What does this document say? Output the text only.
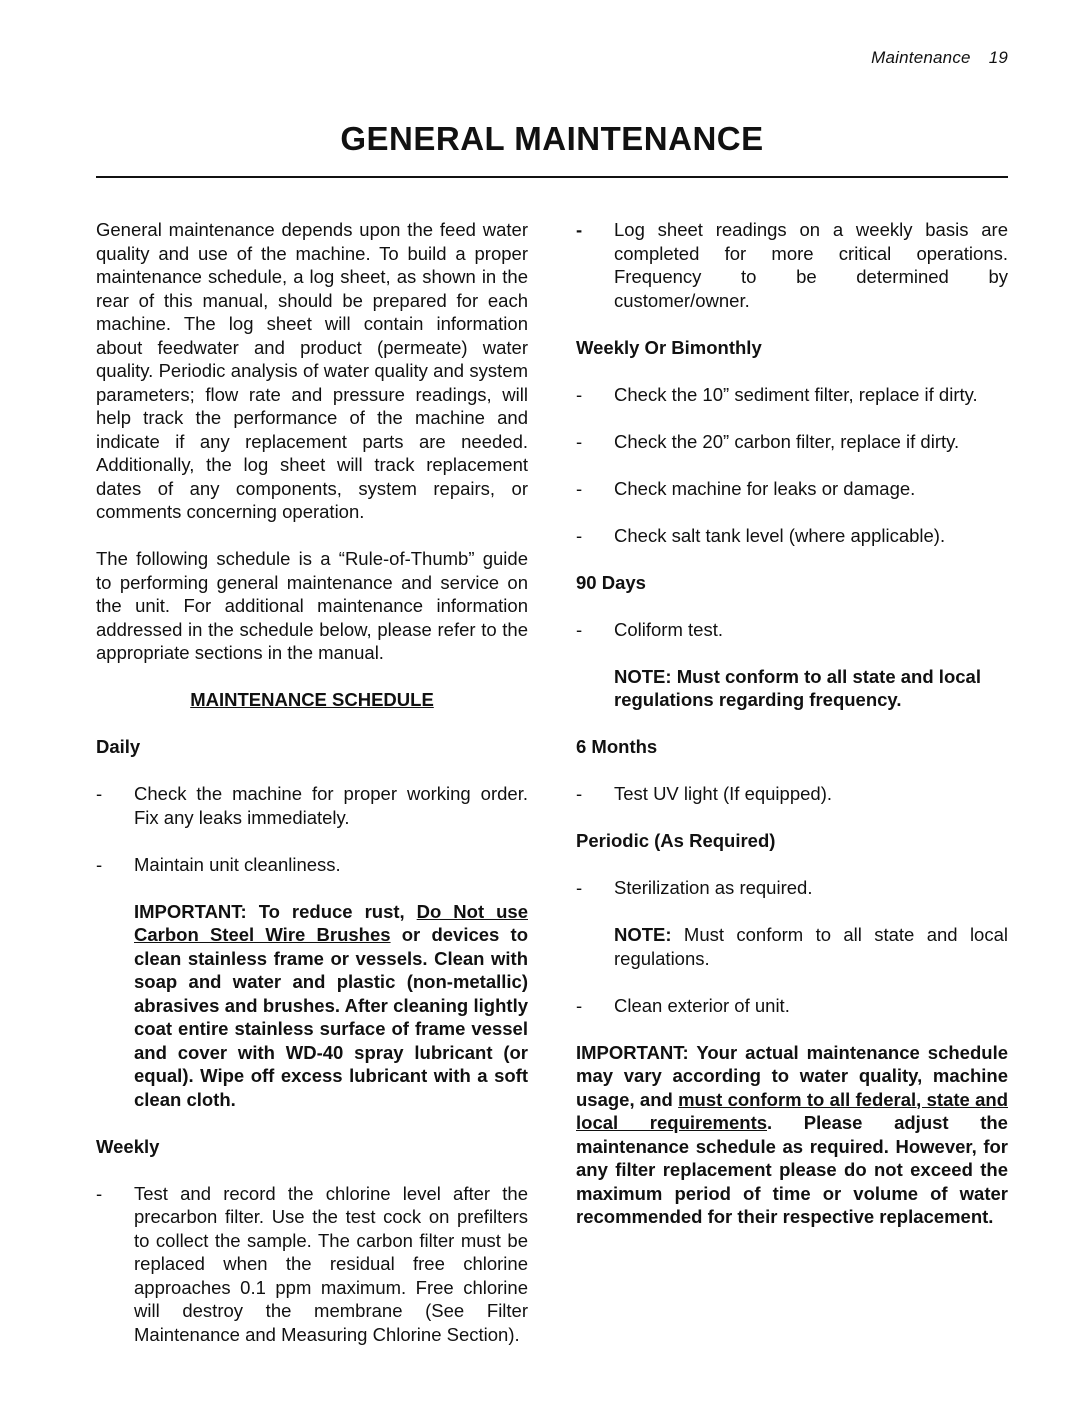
Maintenance 19
GENERAL MAINTENANCE

General maintenance depends upon the feed water quality and use of the machine. To build a proper maintenance schedule, a log sheet, as shown in the rear of this manual, should be prepared for each machine. The log sheet will contain information about feedwater and product (permeate) water quality. Periodic analysis of water quality and system parameters; flow rate and pressure readings, will help track the performance of the machine and indicate if any replacement parts are needed. Additionally, the log sheet will track replacement dates of any components, system repairs, or comments concerning operation.

The following schedule is a “Rule-of-Thumb” guide to performing general maintenance and service on the unit. For additional maintenance information addressed in the schedule below, please refer to the appropriate sections in the manual.

MAINTENANCE SCHEDULE
Daily
-	Check the machine for proper working order. Fix any leaks immediately.
-	Maintain unit cleanliness.

IMPORTANT: To reduce rust, Do Not use Carbon Steel Wire Brushes or devices to clean stainless frame or vessels. Clean with soap and water and plastic (non-metallic) abrasives and brushes. After cleaning lightly coat entire stainless surface of frame vessel and cover with WD-40 spray lubricant (or equal). Wipe off excess lubricant with a soft clean cloth.

Weekly
-	Test and record the chlorine level after the precarbon filter. Use the test cock on prefilters to collect the sample. The carbon filter must be replaced when the residual free chlorine approaches 0.1 ppm maximum. Free chlorine will destroy the membrane (See Filter Maintenance and Measuring Chlorine Section).
-	Log sheet readings on a weekly basis are completed for more critical operations. Frequency to be determined by customer/owner.
Weekly Or Bimonthly
-	Check the 10” sediment filter, replace if dirty.
-	Check the 20” carbon filter, replace if dirty.
-	Check machine for leaks or damage.
-	Check salt tank level (where applicable).
90 Days
-	Coliform test.

NOTE: Must conform to all state and local regulations regarding frequency.

6 Months
-	Test UV light (If equipped).
Periodic (As Required)
-	Sterilization as required.

NOTE: Must conform to all state and local regulations.

-	Clean exterior of unit.

IMPORTANT: Your actual maintenance schedule may vary according to water quality, machine usage, and must conform to all federal, state and local requirements. Please adjust the maintenance schedule as required. However, for any filter replacement please do not exceed the maximum period of time or volume of water recommended for their respective replacement.
